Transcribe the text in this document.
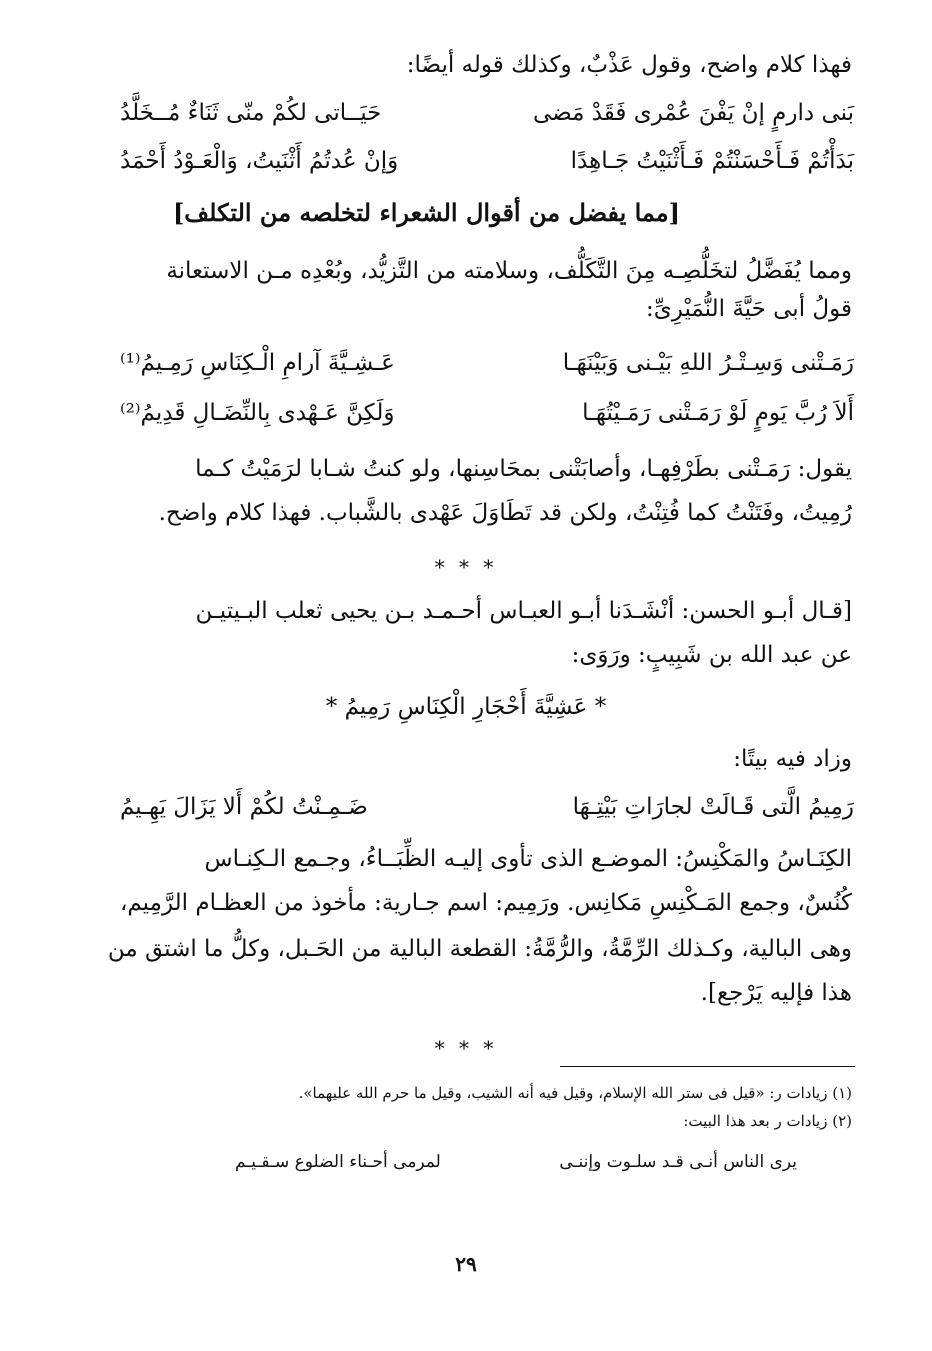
فهذا كلام واضح، وقول عَذْبٌ، وكذلك قوله أيضًا:
بَنى دارمٍ إنْ يَفْنَ عُمْرى فَقَدْ مَضى
حَيَــاتى لكُمْ منّى ثَنَاءٌ مُــخَلَّدُ
بَدَأْتُمْ فَـأَحْسَنْتُمْ فَـأَثْنَيْتُ جَـاهِدًا
وَإنْ عُدتُمُ أَثْنَيتُ، وَالْعَـوْدُ أَحْمَدُ
[مما يفضل من أقوال الشعراء لتخلصه من التكلف]
ومما يُفَضَّلُ لتخَلُّصِـه مِنَ التَّكَلُّف، وسلامته من التَّزيُّد، وبُعْدِه مـن الاستعانة
قولُ أبى حَيَّةَ النُّمَيْرِىِّ:
رَمَـتْنى وَسِـتْـرُ اللهِ بَيْـنى وَبَيْنَهَـا
عَـشِـيَّةَ آرامِ الْـكِنَاسِ رَمِـيمُ⁽¹⁾
أَلاَ رُبَّ يَومٍ لَوْ رَمَـتْنى رَمَـيْتُهَـا
وَلَكِنَّ عَـهْدى بِالنِّضَـالِ قَدِيمُ⁽²⁾
يقول: رَمَـتْنى بطَرْفِهـا، وأصابَتْنى بمحَاسِنها، ولو كنتُ شـابا لرَمَيْتُ كـما
رُمِيتُ، وفَتَنْتُ كما فُتِنْتُ، ولكن قد تَطَاوَلَ عَهْدى بالشَّباب. فهذا كلام واضح.
* * *
[قـال أبـو الحسن: أنْشَـدَنا أبـو العبـاس أحـمـد بـن يحيى ثعلب البـيتيـن
عن عبد الله بن شَبِيبٍ: ورَوَى:
* عَشِيَّةَ أَحْجَارِ الْكِنَاسِ رَمِيمُ *
وزاد فيه بيتًا:
رَمِيمُ الَّتى قَـالَتْ لجارَاتِ بَيْتِـهَا
ضَـمِـنْتُ لكُمْ أَلا يَزَالَ يَهِـيمُ
الكِنَـاسُ والمَكْنِسُ: الموضـع الذى تأوى إليـه الظِّبَــاءُ، وجـمع الـكِنـاس
كُنُسٌ، وجمع المَـكْنِسِ مَكانِس. ورَمِيم: اسم جـارية: مأخوذ من العظـام الرَّمِيم،
وهى البالية، وكـذلك الرِّمَّةُ، والرُّمَّةُ: القطعة البالية من الحَـبل، وكلُّ ما اشتق من
هذا فإليه يَرْجع].
* * *
(١) زيادات ر: «قيل فى ستر الله الإسلام، وقيل فيه أنه الشيب، وقيل ما حرم الله عليهما».
(٢) زيادات ر بعد هذا البيت:
يرى الناس أنـى قـد سلـوت وإننـى
لمرمى أحـناء الضلوع سـقـيـم
٢٩
